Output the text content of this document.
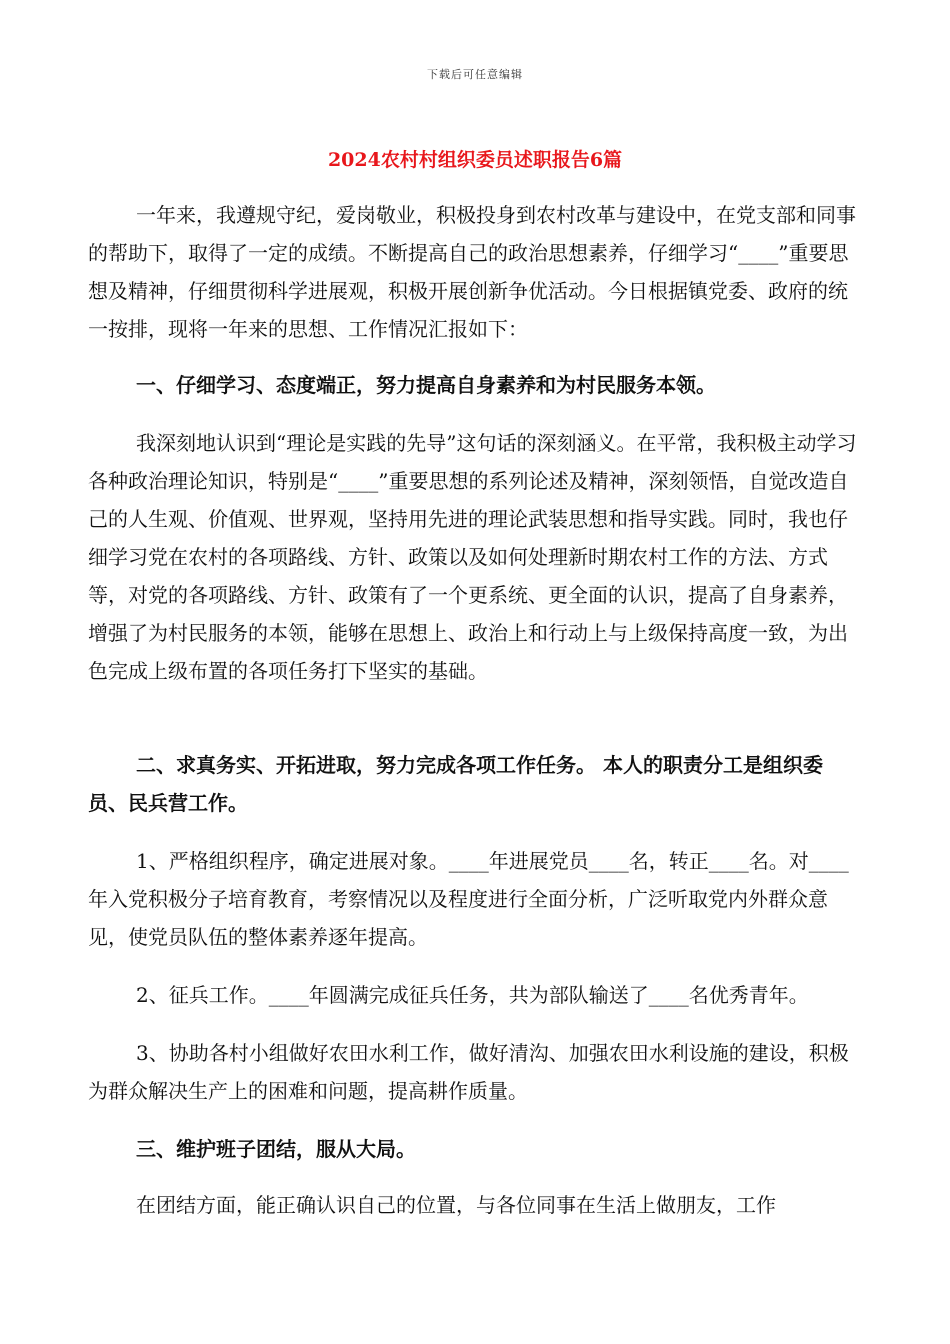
下载后可任意编辑
2024农村村组织委员述职报告6篇

一年来，我遵规守纪，爱岗敬业，积极投身到农村改革与建设中，在党支部和同事的帮助下，取得了一定的成绩。不断提高自己的政治思想素养，仔细学习“____”重要思想及精神，仔细贯彻科学进展观，积极开展创新争优活动。今日根据镇党委、政府的统一按排，现将一年来的思想、工作情况汇报如下：

一、仔细学习、态度端正，努力提高自身素养和为村民服务本领。

我深刻地认识到“理论是实践的先导”这句话的深刻涵义。在平常，我积极主动学习各种政治理论知识，特别是“____”重要思想的系列论述及精神，深刻领悟，自觉改造自己的人生观、价值观、世界观，坚持用先进的理论武装思想和指导实践。同时，我也仔细学习党在农村的各项路线、方针、政策以及如何处理新时期农村工作的方法、方式等，对党的各项路线、方针、政策有了一个更系统、更全面的认识，提高了自身素养，增强了为村民服务的本领，能够在思想上、政治上和行动上与上级保持高度一致，为出色完成上级布置的各项任务打下坚实的基础。

二、求真务实、开拓进取，努力完成各项工作任务。 本人的职责分工是组织委员、民兵营工作。

1、严格组织程序，确定进展对象。____年进展党员____名，转正____名。对____年入党积极分子培育教育，考察情况以及程度进行全面分析，广泛听取党内外群众意见，使党员队伍的整体素养逐年提高。

2、征兵工作。____年圆满完成征兵任务，共为部队输送了____名优秀青年。

3、协助各村小组做好农田水利工作，做好清沟、加强农田水利设施的建设，积极为群众解决生产上的困难和问题，提高耕作质量。

三、维护班子团结，服从大局。

在团结方面，能正确认识自己的位置，与各位同事在生活上做朋友，工作
